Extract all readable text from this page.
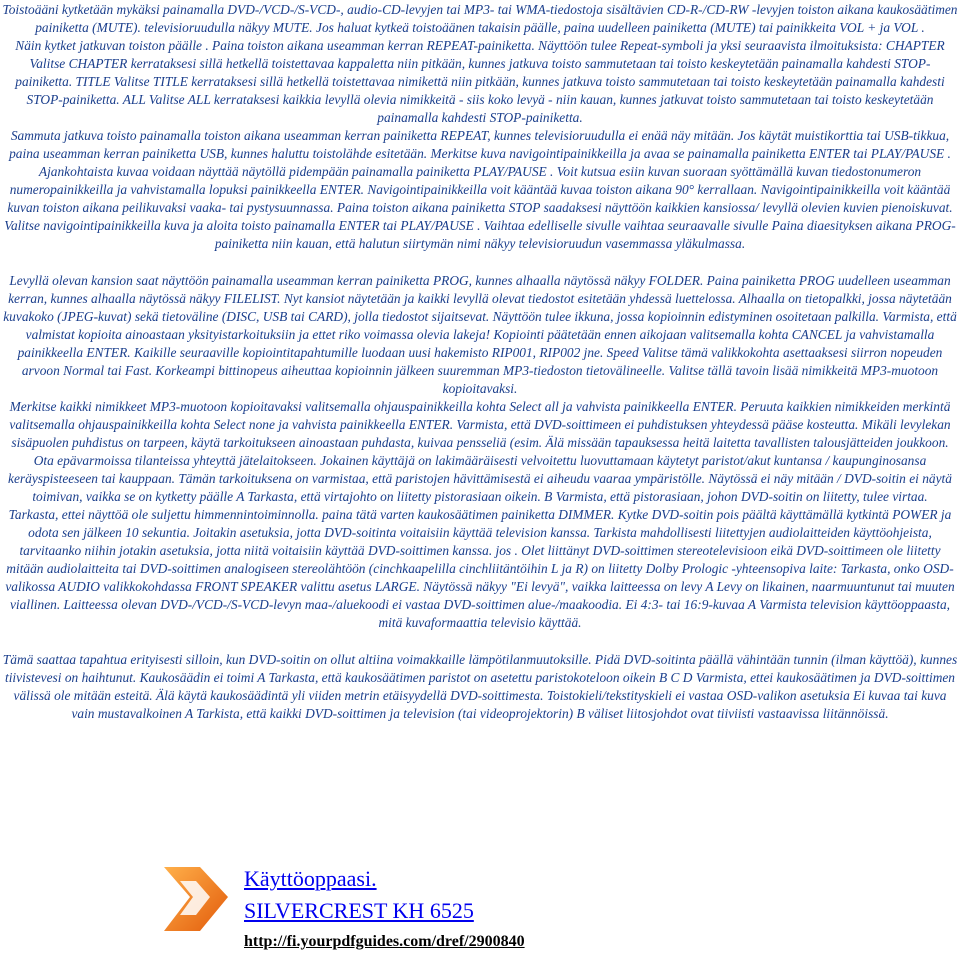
Toistoääni kytketään mykäksi painamalla DVD-/VCD-/S-VCD-, audio-CD-levyjen tai MP3- tai WMA-tiedostoja sisältävien CD-R-/CD-RW -levyjen toiston aikana kaukosäätimen painiketta (MUTE). televisioruudulla näkyy MUTE. Jos haluat kytkeä toistoäänen takaisin päälle, paina uudelleen painiketta (MUTE) tai painikkeita VOL + ja VOL .

Näin kytket jatkuvan toiston päälle . Paina toiston aikana useamman kerran REPEAT-painiketta. Näyttöön tulee Repeat-symboli ja yksi seuraavista ilmoituksista: CHAPTER Valitse CHAPTER kerrataksesi sillä hetkellä toistettavaa kappaletta niin pitkään, kunnes jatkuva toisto sammutetaan tai toisto keskeytetään painamalla kahdesti STOP-painiketta. TITLE Valitse TITLE kerrataksesi sillä hetkellä toistettavaa nimikettä niin pitkään, kunnes jatkuva toisto sammutetaan tai toisto keskeytetään painamalla kahdesti STOP-painiketta. ALL Valitse ALL kerrataksesi kaikkia levyllä olevia nimikkeitä - siis koko levyä - niin kauan, kunnes jatkuvat toisto sammutetaan tai toisto keskeytetään painamalla kahdesti STOP-painiketta.

Sammuta jatkuva toisto painamalla toiston aikana useamman kerran painiketta REPEAT, kunnes televisioruudulla ei enää näy mitään. Jos käytät muistikorttia tai USB-tikkua, paina useamman kerran painiketta USB, kunnes haluttu toistolähde esitetään. Merkitse kuva navigointipainikkeilla ja avaa se painamalla painiketta ENTER tai PLAY/PAUSE . Ajankohtaista kuvaa voidaan näyttää näytöllä pidempään painamalla painiketta PLAY/PAUSE . Voit kutsua esiin kuvan suoraan syöttämällä kuvan tiedostonumeron numeropainikkeilla ja vahvistamalla lopuksi painikkeella ENTER. Navigointipainikkeilla voit kääntää kuvaa toiston aikana 90° kerrallaan. Navigointipainikkeilla voit kääntää kuvan toiston aikana peilikuvaksi vaaka- tai pystysuunnassa. Paina toiston aikana painiketta STOP saadaksesi näyttöön kaikkien kansiossa/ levyllä olevien kuvien pienoiskuvat. Valitse navigointipainikkeilla kuva ja aloita toisto painamalla ENTER tai PLAY/PAUSE . Vaihtaa edelliselle sivulle vaihtaa seuraavalle sivulle Paina diaesityksen aikana PROG-painiketta niin kauan, että halutun siirtymän nimi näkyy televisioruudun vasemmassa yläkulmassa.

Levyllä olevan kansion saat näyttöön painamalla useamman kerran painiketta PROG, kunnes alhaalla näytössä näkyy FOLDER. Paina painiketta PROG uudelleen useamman kerran, kunnes alhaalla näytössä näkyy FILELIST. Nyt kansiot näytetään ja kaikki levyllä olevat tiedostot esitetään yhdessä luettelossa. Alhaalla on tietopalkki, jossa näytetään kuvakoko (JPEG-kuvat) sekä tietoväline (DISC, USB tai CARD), jolla tiedostot sijaitsevat. Näyttöön tulee ikkuna, jossa kopioinnin edistyminen osoitetaan palkilla. Varmista, että valmistat kopioita ainoastaan yksityistarkoituksiin ja ettet riko voimassa olevia lakeja! Kopiointi päätetään ennen aikojaan valitsemalla kohta CANCEL ja vahvistamalla painikkeella ENTER. Kaikille seuraaville kopiointitapahtumille luodaan uusi hakemisto RIP001, RIP002 jne. Speed Valitse tämä valikkokohta asettaaksesi siirron nopeuden arvoon Normal tai Fast. Korkeampi bittinopeus aiheuttaa kopioinnin jälkeen suuremman MP3-tiedoston tietovälineelle. Valitse tällä tavoin lisää nimikkeitä MP3-muotoon kopioitavaksi.

Merkitse kaikki nimikkeet MP3-muotoon kopioitavaksi valitsemalla ohjauspainikkeilla kohta Select all ja vahvista painikkeella ENTER. Peruuta kaikkien nimikkeiden merkintä valitsemalla ohjauspainikkeilla kohta Select none ja vahvista painikkeella ENTER. Varmista, että DVD-soittimeen ei puhdistuksen yhteydessä pääse kosteutta. Mikäli levylekan sisäpuolen puhdistus on tarpeen, käytä tarkoitukseen ainoastaan puhdasta, kuivaa pensseliä (esim. Älä missään tapauksessa heitä laitetta tavallisten talousjätteiden joukkoon.

Ota epävarmoissa tilanteissa yhteyttä jätelaitokseen. Jokainen käyttäjä on lakimääräisesti velvoitettu luovuttamaan käytetyt paristot/akut kuntansa / kaupunginosansa keräyspisteeseen tai kauppaan. Tämän tarkoituksena on varmistaa, että paristojen hävittämisestä ei aiheudu vaaraa ympäristölle. Näytössä ei näy mitään / DVD-soitin ei näytä toimivan, vaikka se on kytketty päälle A Tarkasta, että virtajohto on liitetty pistorasiaan oikein. B Varmista, että pistorasiaan, johon DVD-soitin on liitetty, tulee virtaa.

Tarkasta, ettei näyttöä ole suljettu himmennintoiminnolla. paina tätä varten kaukosäätimen painiketta DIMMER. Kytke DVD-soitin pois päältä käyttämällä kytkintä POWER ja odota sen jälkeen 10 sekuntia. Joitakin asetuksia, jotta DVD-soitinta voitaisiin käyttää television kanssa. Tarkista mahdollisesti liitettyjen audiolaitteiden käyttöohjeista, tarvitaanko niihin jotakin asetuksia, jotta niitä voitaisiin käyttää DVD-soittimen kanssa. jos . Olet liittänyt DVD-soittimen stereotelevisioon eikä DVD-soittimeen ole liitetty mitään audiolaitteita tai DVD-soittimen analogiseen stereolähtöön (cinchkaapelilla cinchliitäntöihin L ja R) on liitetty Dolby Prologic -yhteensopiva laite: Tarkasta, onko OSD-valikossa AUDIO valikkokohdassa FRONT SPEAKER valittu asetus LARGE. Näytössä näkyy "Ei levyä", vaikka laitteessa on levy A Levy on likainen, naarmuuntunut tai muuten viallinen. Laitteessa olevan DVD-/VCD-/S-VCD-levyn maa-/aluekoodi ei vastaa DVD-soittimen alue-/maakoodia. Ei 4:3- tai 16:9-kuvaa A Varmista television käyttöoppaasta, mitä kuvaformaattia televisio käyttää.

Tämä saattaa tapahtua erityisesti silloin, kun DVD-soitin on ollut altiina voimakkaille lämpötilanmuutoksille. Pidä DVD-soitinta päällä vähintään tunnin (ilman käyttöä), kunnes tiivistevesi on haihtunut. Kaukosäädin ei toimi A Tarkasta, että kaukosäätimen paristot on asetettu paristokoteloon oikein B C D Varmista, ettei kaukosäätimen ja DVD-soittimen välissä ole mitään esteitä. Älä käytä kaukosäädintä yli viiden metrin etäisyydellä DVD-soittimesta. Toistokieli/tekstityskieli ei vastaa OSD-valikon asetuksia Ei kuvaa tai kuva vain mustavalkoinen A Tarkista, että kaikki DVD-soittimen ja television (tai videoprojektorin) B väliset liitosjohdot ovat tiiviisti vastaavissa liitännöissä.

Käyttöoppaasi.
SILVERCREST KH 6525
http://fi.yourpdfguides.com/dref/2900840
